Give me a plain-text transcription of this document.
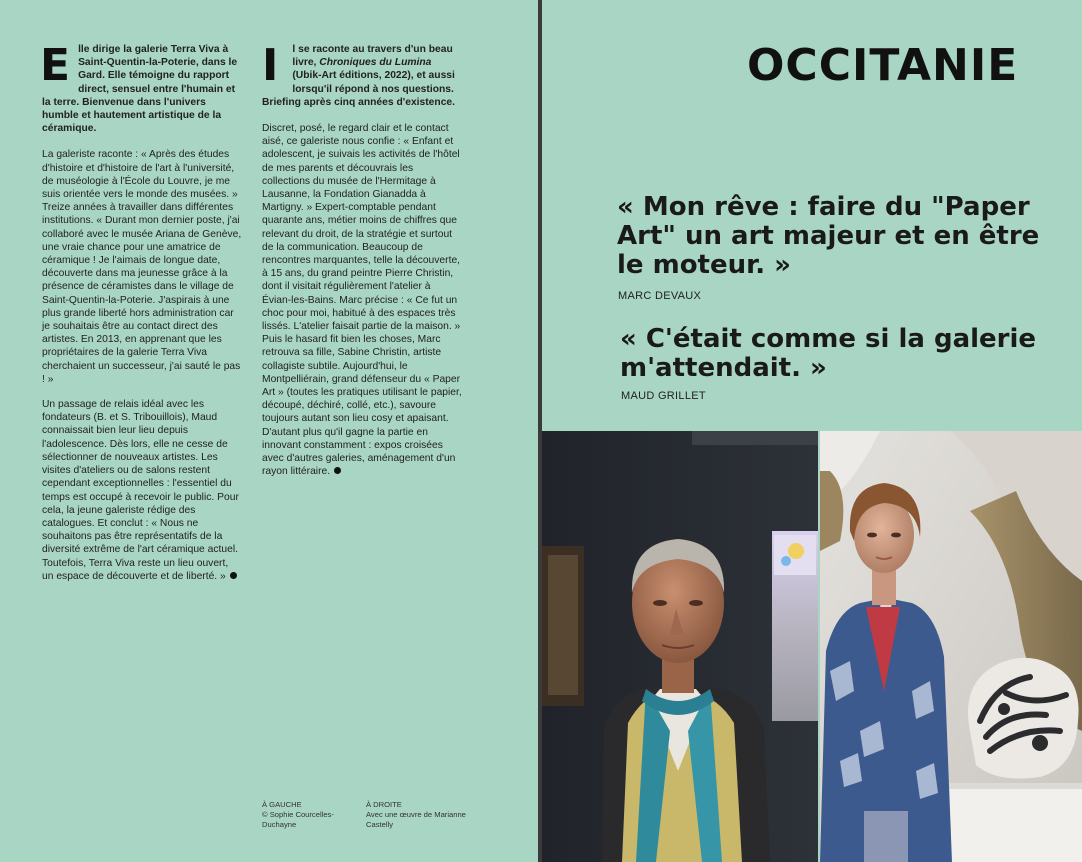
Elle dirige la galerie Terra Viva à Saint-Quentin-la-Poterie, dans le Gard. Elle témoigne du rapport direct, sensuel entre l'humain et la terre. Bienvenue dans l'univers humble et hautement artistique de la céramique.

La galeriste raconte : « Après des études d'histoire et d'histoire de l'art à l'université, de muséologie à l'École du Louvre, je me suis orientée vers le monde des musées. » Treize années à travailler dans différentes institutions. « Durant mon dernier poste, j'ai collaboré avec le musée Ariana de Genève, une vraie chance pour une amatrice de céramique ! Je l'aimais de longue date, découverte dans ma jeunesse grâce à la présence de céramistes dans le village de Saint-Quentin-la-Poterie. J'aspirais à une plus grande liberté hors administration car je souhaitais être au contact direct des artistes. En 2013, en apprenant que les propriétaires de la galerie Terra Viva cherchaient un successeur, j'ai sauté le pas ! »

Un passage de relais idéal avec les fondateurs (B. et S. Tribouillois), Maud connaissait bien leur lieu depuis l'adolescence. Dès lors, elle ne cesse de sélectionner de nouveaux artistes. Les visites d'ateliers ou de salons restent cependant exceptionnelles : l'essentiel du temps est occupé à recevoir le public. Pour cela, la jeune galeriste rédige des catalogues. Et conclut : « Nous ne souhaitons pas être représentatifs de la diversité extrême de l'art céramique actuel. Toutefois, Terra Viva reste un lieu ouvert, un espace de découverte et de liberté. »

I l se raconte au travers d'un beau livre, Chroniques du Lumina (Ubik-Art éditions, 2022), et aussi lorsqu'il répond à nos questions. Briefing après cinq années d'existence.

Discret, posé, le regard clair et le contact aisé, ce galeriste nous confie : « Enfant et adolescent, je suivais les activités de l'hôtel de mes parents et découvrais les collections du musée de l'Hermitage à Lausanne, la Fondation Gianadda à Martigny. » Expert-comptable pendant quarante ans, métier moins de chiffres que relevant du droit, de la stratégie et surtout de la communication. Beaucoup de rencontres marquantes, telle la découverte, à 15 ans, du grand peintre Pierre Christin, dont il visitait régulièrement l'atelier à Évian-les-Bains. Marc précise : « Ce fut un choc pour moi, habitué à des espaces très lissés. L'atelier faisait partie de la maison. » Puis le hasard fit bien les choses, Marc retrouva sa fille, Sabine Christin, artiste collagiste subtile. Aujourd'hui, le Montpelliérain, grand défenseur du « Paper Art » (toutes les pratiques utilisant le papier, découpé, déchiré, collé, etc.), savoure toujours autant son lieu cosy et apaisant. D'autant plus qu'il gagne la partie en innovant constamment : expos croisées avec d'autres galeries, aménagement d'un rayon littéraire.

À GAUCHE
© Sophie Courcelles-Duchayne
À DROITE
Avec une œuvre de Marianne Castelly
OCCITANIE
« Mon rêve : faire du "Paper Art" un art majeur et en être le moteur. »
MARC DEVAUX
« C'était comme si la galerie m'attendait. »
MAUD GRILLET
